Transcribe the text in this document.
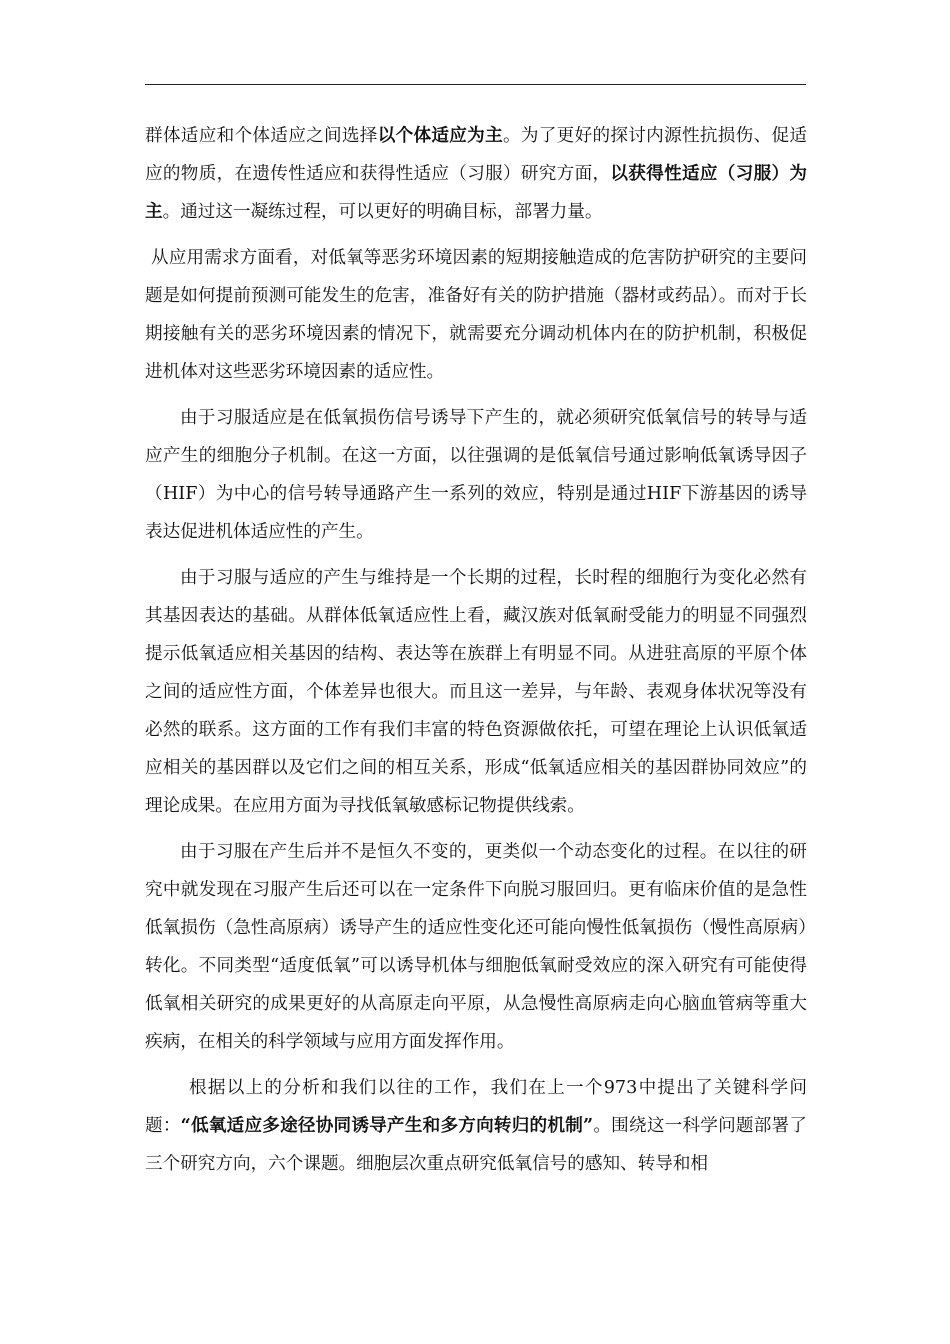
群体适应和个体适应之间选择以个体适应为主。为了更好的探讨内源性抗损伤、促适应的物质，在遗传性适应和获得性适应（习服）研究方面，以获得性适应（习服）为主。通过这一凝练过程，可以更好的明确目标，部署力量。

从应用需求方面看，对低氧等恶劣环境因素的短期接触造成的危害防护研究的主要问题是如何提前预测可能发生的危害，准备好有关的防护措施（器材或药品）。而对于长期接触有关的恶劣环境因素的情况下，就需要充分调动机体内在的防护机制，积极促进机体对这些恶劣环境因素的适应性。

由于习服适应是在低氧损伤信号诱导下产生的，就必须研究低氧信号的转导与适应产生的细胞分子机制。在这一方面，以往强调的是低氧信号通过影响低氧诱导因子（HIF）为中心的信号转导通路产生一系列的效应，特别是通过HIF下游基因的诱导表达促进机体适应性的产生。

由于习服与适应的产生与维持是一个长期的过程，长时程的细胞行为变化必然有其基因表达的基础。从群体低氧适应性上看，藏汉族对低氧耐受能力的明显不同强烈提示低氧适应相关基因的结构、表达等在族群上有明显不同。从进驻高原的平原个体之间的适应性方面，个体差异也很大。而且这一差异，与年龄、表观身体状况等没有必然的联系。这方面的工作有我们丰富的特色资源做依托，可望在理论上认识低氧适应相关的基因群以及它们之间的相互关系，形成“低氧适应相关的基因群协同效应”的理论成果。在应用方面为寻找低氧敏感标记物提供线索。

由于习服在产生后并不是恒久不变的，更类似一个动态变化的过程。在以往的研究中就发现在习服产生后还可以在一定条件下向脱习服回归。更有临床价值的是急性低氧损伤（急性高原病）诱导产生的适应性变化还可能向慢性低氧损伤（慢性高原病）转化。不同类型“适度低氧”可以诱导机体与细胞低氧耐受效应的深入研究有可能使得低氧相关研究的成果更好的从高原走向平原，从急慢性高原病走向心脑血管病等重大疾病，在相关的科学领域与应用方面发挥作用。

根据以上的分析和我们以往的工作，我们在上一个973中提出了关键科学问题：“低氧适应多途径协同诱导产生和多方向转归的机制”。围绕这一科学问题部署了三个研究方向，六个课题。细胞层次重点研究低氧信号的感知、转导和相
